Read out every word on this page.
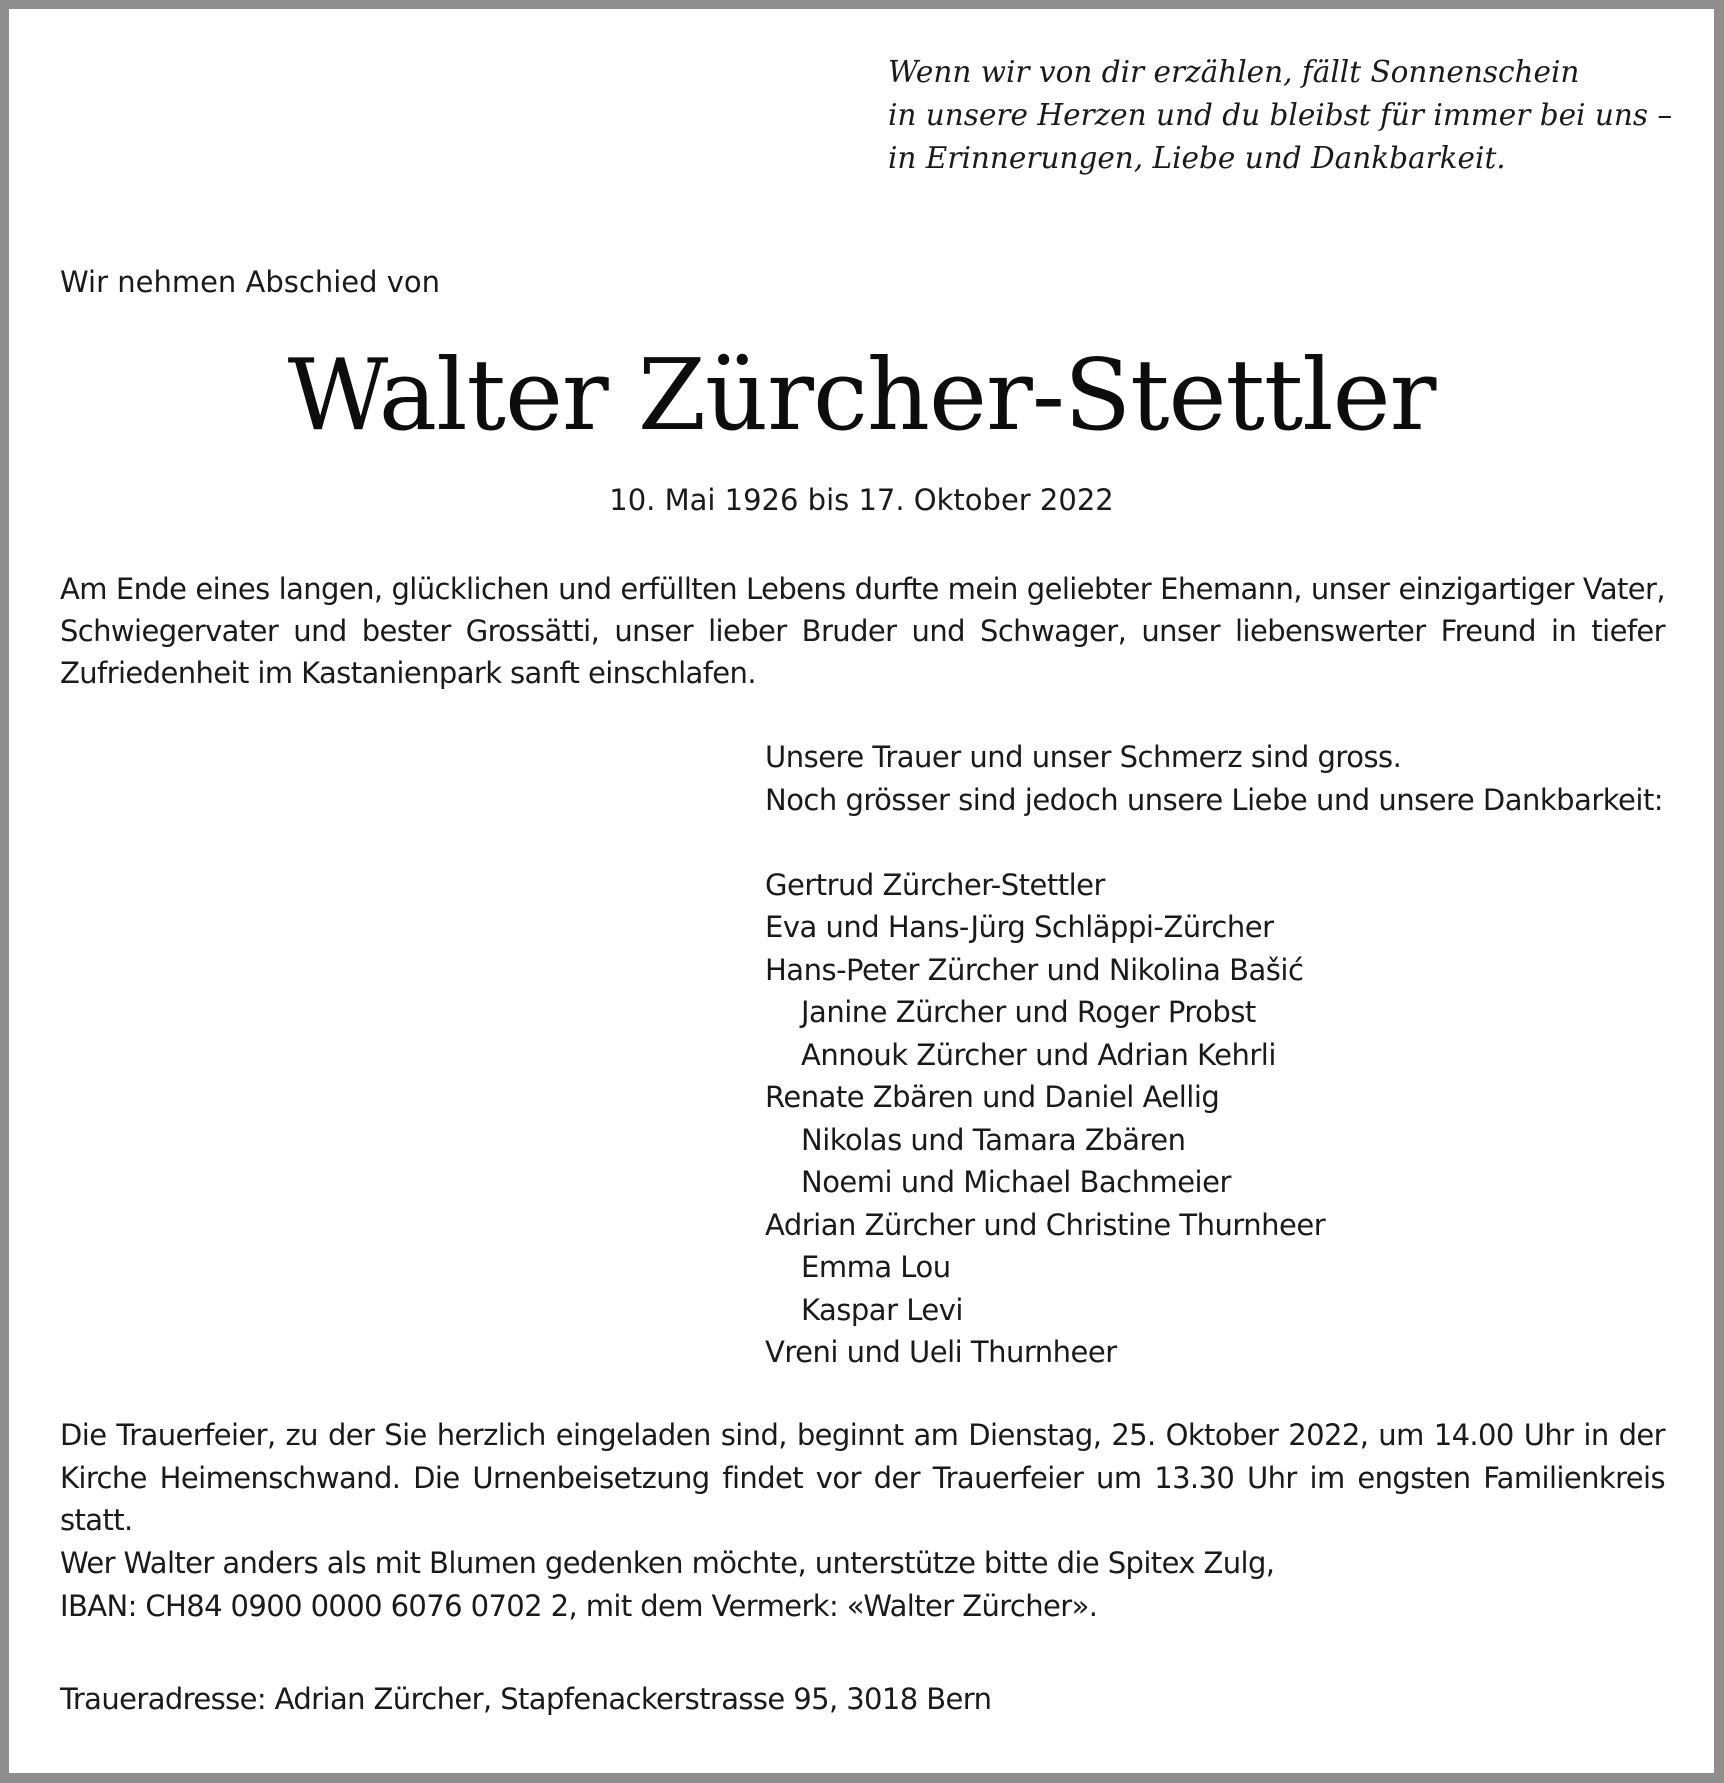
Wenn wir von dir erzählen, fällt Sonnenschein
in unsere Herzen und du bleibst für immer bei uns –
in Erinnerungen, Liebe und Dankbarkeit.
Wir nehmen Abschied von
Walter Zürcher-Stettler
10. Mai 1926 bis 17. Oktober 2022
Am Ende eines langen, glücklichen und erfüllten Lebens durfte mein geliebter Ehemann, unser einzigartiger Vater, Schwiegervater und bester Grossätti, unser lieber Bruder und Schwager, unser liebenswerter Freund in tiefer Zufriedenheit im Kastanienpark sanft einschlafen.
Unsere Trauer und unser Schmerz sind gross.
Noch grösser sind jedoch unsere Liebe und unsere Dankbarkeit:
Gertrud Zürcher-Stettler
Eva und Hans-Jürg Schläppi-Zürcher
Hans-Peter Zürcher und Nikolina Bašić
Janine Zürcher und Roger Probst
Annouk Zürcher und Adrian Kehrli
Renate Zbären und Daniel Aellig
Nikolas und Tamara Zbären
Noemi und Michael Bachmeier
Adrian Zürcher und Christine Thurnheer
Emma Lou
Kaspar Levi
Vreni und Ueli Thurnheer
Die Trauerfeier, zu der Sie herzlich eingeladen sind, beginnt am Dienstag, 25. Oktober 2022, um 14.00 Uhr in der Kirche Heimenschwand. Die Urnenbeisetzung findet vor der Trauerfeier um 13.30 Uhr im engsten Familienkreis statt.
Wer Walter anders als mit Blumen gedenken möchte, unterstütze bitte die Spitex Zulg,
IBAN: CH84 0900 0000 6076 0702 2, mit dem Vermerk: «Walter Zürcher».
Traueradresse: Adrian Zürcher, Stapfenackerstrasse 95, 3018 Bern
